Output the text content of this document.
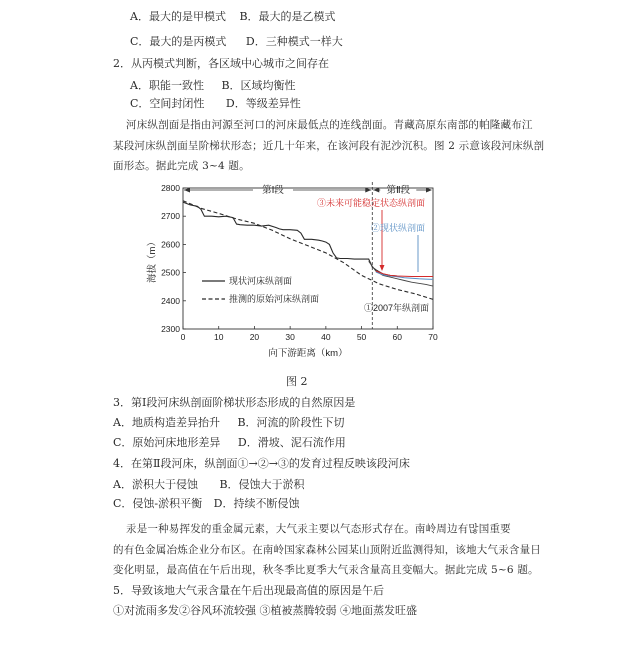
A．最大的是甲模式 B．最大的是乙模式
C．最大的是丙模式 D．三种模式一样大
2．从丙模式判断，各区域中心城市之间存在
A．职能一致性 B．区域均衡性
C．空间封闭性 D．等级差异性
河床纵剖面是指由河源至河口的河床最低点的连线剖面。青藏高原东南部的帕隆藏布江
某段河床纵剖面呈阶梯状形态；近几十年来，在该河段有泥沙沉积。图 2 示意该段河床纵剖
面形态。据此完成 3~4 题。
第Ⅰ段	第Ⅱ段
③未来可能稳定状态纵剖面
②现状纵剖面
①2007年纵剖面
现状河床纵剖面
推测的原始河床纵剖面
向下游距离（km）
海拔（m）
0	10	20	30	40	50	60	70
2300
2400
2500
2600
2700
2800
图 2
3．第Ⅰ段河床纵剖面阶梯状形态形成的自然原因是
A．地质构造差异抬升 B．河流的阶段性下切
C．原始河床地形差异 D．滑坡、泥石流作用
4．在第Ⅱ段河床，纵剖面①→②→③的发育过程反映该段河床
A．淤积大于侵蚀 B．侵蚀大于淤积
C．侵蚀-淤积平衡 D．持续不断侵蚀
汞是一种易挥发的重金属元素，大气汞主要以气态形式存在。南岭周边有많国重要
的有色金属冶炼企业分布区。在南岭国家森林公园某山顶附近监测得知，该地大气汞含量日
变化明显，最高值在午后出现，秋冬季比夏季大气汞含量高且变幅大。据此完成 5~6 题。
5．导致该地大气汞含量在午后出现最高值的原因是午后
①对流雨多发②谷风环流较强 ③植被蒸腾较弱 ④地面蒸发旺盛
